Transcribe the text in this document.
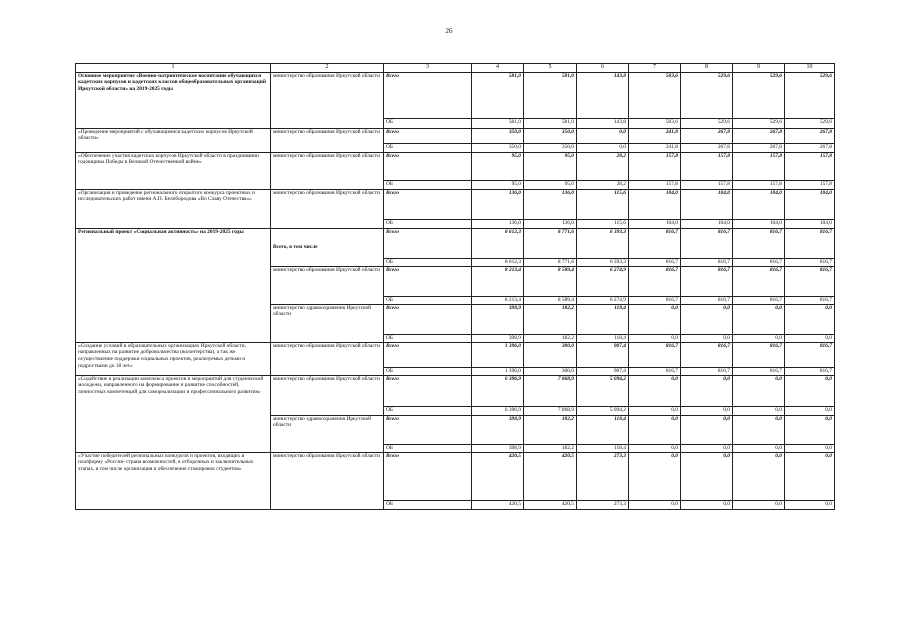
26
1	2	3	4	5	6	7	8	9	10
Основное мероприятие «Военно-патриотическое воспитание обучающихся кадетских корпусов и кадетских классов общеобразовательных организаций Иркутской области» на 2019-2025 годы	министерство образования Иркутской области	Всего	581,0	581,0	143,8	503,6	529,6	529,6	529,6
		ОБ	581,0	581,0	143,8	503,6	529,6	529,6	529,6
«Проведение мероприятий с обучающимися кадетских корпусов Иркутской области»	министерство образования Иркутской области	Всего	350,0	350,0	0,0	241,8	267,8	267,8	267,8
		ОБ	350,0	350,0	0,0	241,8	267,8	267,8	267,8
«Обеспечение участия кадетских корпусов Иркутской области в праздновании годовщины Победы в Великой Отечественной войне»	министерство образования Иркутской области	Всего	95,0	95,0	28,2	157,8	157,8	157,8	157,8
		ОБ	95,0	95,0	28,2	157,8	157,8	157,8	157,8
«Организация и проведение регионального открытого конкурса проектных и исследовательских работ имени А.П. Белобородова «Во Славу Отечества»»	министерство образования Иркутской области	Всего	136,0	136,0	115,6	104,0	104,0	104,0	104,0
		ОБ	136,0	136,0	115,6	104,0	104,0	104,0	104,0
Региональный проект «Социальная активность» на 2019-2025 годы	Всего, в том числе	Всего	8 612,3	8 771,6	6 393,3	816,7	816,7	816,7	816,7
		ОБ	8 612,3	8 771,6	6 393,3	816,7	816,7	816,7	816,7
	министерство образования Иркутской области	Всего	8 213,4	8 589,4	6 274,9	816,7	816,7	816,7	816,7
		ОБ	8 213,4	8 589,4	6 274,9	816,7	816,7	816,7	816,7
	министерство здравоохранения Иркутской области	Всего	398,9	182,2	118,4	0,0	0,0	0,0	0,0
		ОБ	398,9	182,2	118,4	0,0	0,0	0,0	0,0
«Создание условий в образовательных организациях Иркутской области, направленных на развитие добровольчества (волонтерства), а так же осуществление поддержки социальных проектов, реализуемых детьми и подростками до 18 лет»	министерство образования Иркутской области	Всего	1 396,0	300,0	907,4	816,7	816,7	816,7	816,7
		ОБ	1 396,0	300,0	907,4	816,7	816,7	816,7	816,7
«Содействие в реализации комплекса проектов и мероприятий для студенческой молодежи, направленного на формирование и развитие способностей, личностных компетенций для самореализации и профессионального развития»	министерство образования Иркутской области	Всего	6 396,9	7 868,9	5 094,2	0,0	0,0	0,0	0,0
		ОБ	6 396,9	7 868,9	5 094,2	0,0	0,0	0,0	0,0
	министерство здравоохранения Иркутской области	Всего	398,9	182,2	118,4	0,0	0,0	0,0	0,0
		ОБ	398,9	182,2	118,4	0,0	0,0	0,0	0,0
«Участие победителей региональных конкурсов и проектов, входящих в платформу «Россия- страна возможностей, в отборочных и заключительных этапах, в том числе организация и обеспечение стажировок студентов»	министерство образования Иркутской области	Всего	420,5	420,5	273,3	0,0	0,0	0,0	0,0
		ОБ	420,5	420,5	273,3	0,0	0,0	0,0	0,0
